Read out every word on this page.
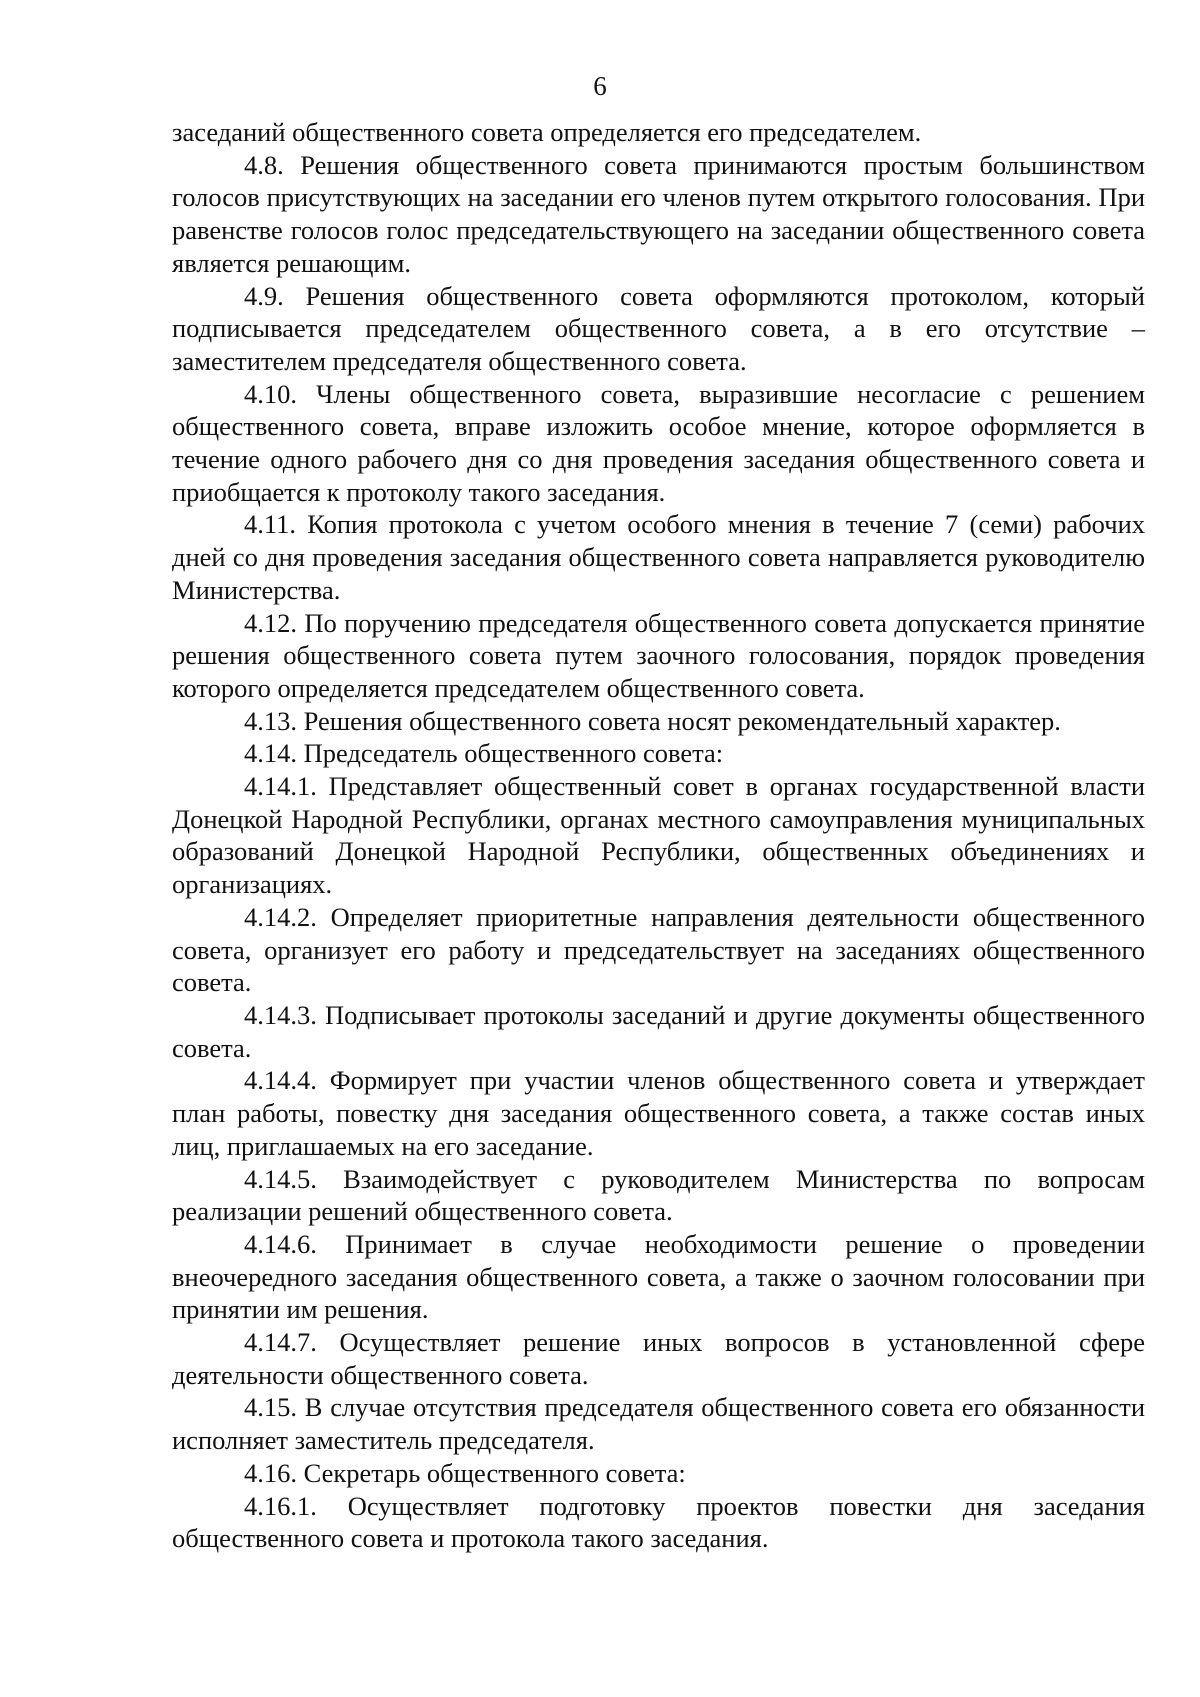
6

заседаний общественного совета определяется его председателем.

4.8. Решения общественного совета принимаются простым большинством голосов присутствующих на заседании его членов путем открытого голосования. При равенстве голосов голос председательствующего на заседании общественного совета является решающим.

4.9. Решения общественного совета оформляются протоколом, который подписывается председателем общественного совета, а в его отсутствие – заместителем председателя общественного совета.

4.10. Члены общественного совета, выразившие несогласие с решением общественного совета, вправе изложить особое мнение, которое оформляется в течение одного рабочего дня со дня проведения заседания общественного совета и приобщается к протоколу такого заседания.

4.11. Копия протокола с учетом особого мнения в течение 7 (семи) рабочих дней со дня проведения заседания общественного совета направляется руководителю Министерства.

4.12. По поручению председателя общественного совета допускается принятие решения общественного совета путем заочного голосования, порядок проведения которого определяется председателем общественного совета.

4.13. Решения общественного совета носят рекомендательный характер.

4.14. Председатель общественного совета:

4.14.1. Представляет общественный совет в органах государственной власти Донецкой Народной Республики, органах местного самоуправления муниципальных образований Донецкой Народной Республики, общественных объединениях и организациях.

4.14.2. Определяет приоритетные направления деятельности общественного совета, организует его работу и председательствует на заседаниях общественного совета.

4.14.3. Подписывает протоколы заседаний и другие документы общественного совета.

4.14.4. Формирует при участии членов общественного совета и утверждает план работы, повестку дня заседания общественного совета, а также состав иных лиц, приглашаемых на его заседание.

4.14.5. Взаимодействует с руководителем Министерства по вопросам реализации решений общественного совета.

4.14.6. Принимает в случае необходимости решение о проведении внеочередного заседания общественного совета, а также о заочном голосовании при принятии им решения.

4.14.7. Осуществляет решение иных вопросов в установленной сфере деятельности общественного совета.

4.15. В случае отсутствия председателя общественного совета его обязанности исполняет заместитель председателя.

4.16. Секретарь общественного совета:

4.16.1. Осуществляет подготовку проектов повестки дня заседания общественного совета и протокола такого заседания.
